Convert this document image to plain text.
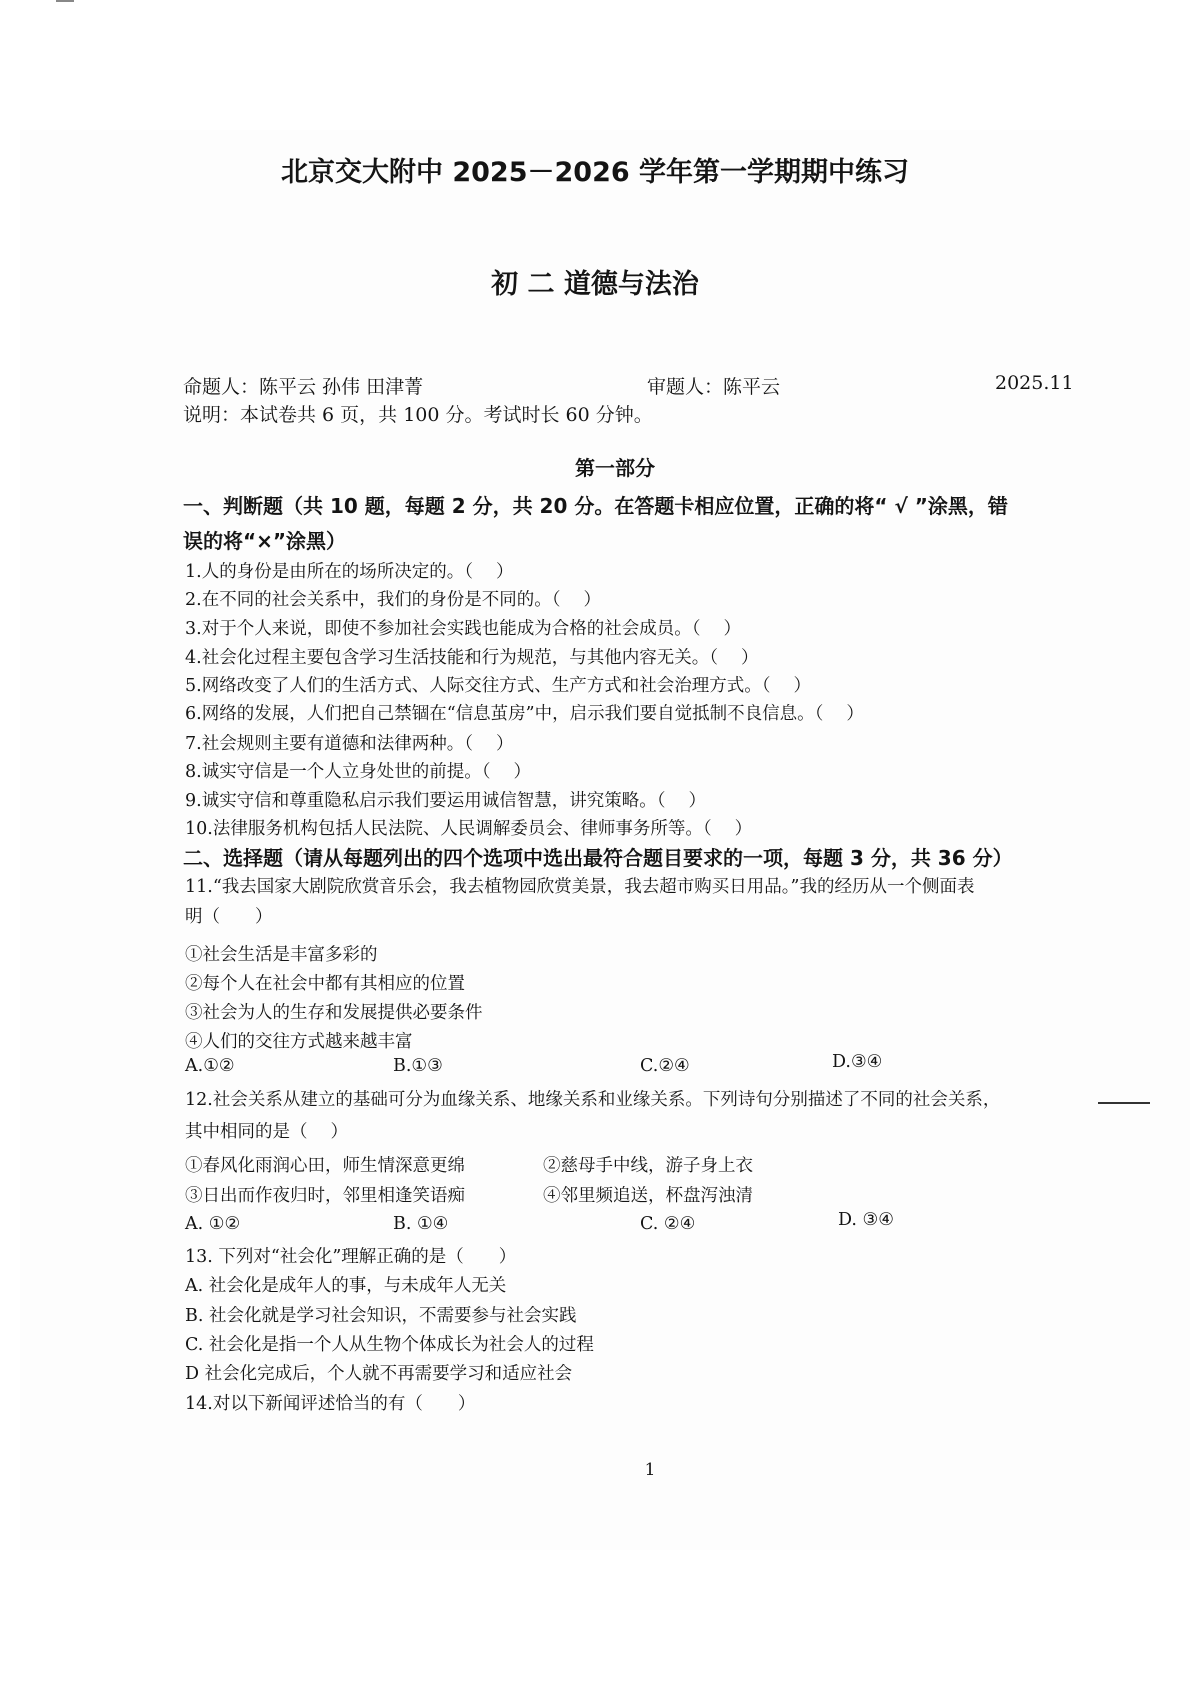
北京交大附中 2025－2026 学年第一学期期中练习
初 二 道德与法治
命题人：陈平云 孙伟 田津菁	审题人：陈平云	2025.11
说明：本试卷共 6 页，共 100 分。考试时长 60 分钟。
第一部分
一、判断题（共 10 题，每题 2 分，共 20 分。在答题卡相应位置，正确的将“ √ ”涂黑，错
误的将“×”涂黑）
1.人的身份是由所在的场所决定的。（　 ）
2.在不同的社会关系中，我们的身份是不同的。（　 ）
3.对于个人来说，即使不参加社会实践也能成为合格的社会成员。（　 ）
4.社会化过程主要包含学习生活技能和行为规范，与其他内容无关。（　 ）
5.网络改变了人们的生活方式、人际交往方式、生产方式和社会治理方式。（　 ）
6.网络的发展，人们把自己禁锢在“信息茧房”中，启示我们要自觉抵制不良信息。（　 ）
7.社会规则主要有道德和法律两种。（　 ）
8.诚实守信是一个人立身处世的前提。（　 ）
9.诚实守信和尊重隐私启示我们要运用诚信智慧，讲究策略。（　 ）
10.法律服务机构包括人民法院、人民调解委员会、律师事务所等。（　 ）
二、选择题（请从每题列出的四个选项中选出最符合题目要求的一项，每题 3 分，共 36 分）
11.“我去国家大剧院欣赏音乐会，我去植物园欣赏美景，我去超市购买日用品。”我的经历从一个侧面表
明（　　）
①社会生活是丰富多彩的
②每个人在社会中都有其相应的位置
③社会为人的生存和发展提供必要条件
④人们的交往方式越来越丰富
A.①②	B.①③	C.②④	D.③④
12.社会关系从建立的基础可分为血缘关系、地缘关系和业缘关系。下列诗句分别描述了不同的社会关系，
其中相同的是（　 ）
①春风化雨润心田，师生情深意更绵	②慈母手中线，游子身上衣
③日出而作夜归时，邻里相逢笑语痴	④邻里频追送，杯盘泻浊清
A. ①②	B. ①④	C. ②④	D. ③④
13. 下列对“社会化”理解正确的是（　　）
A. 社会化是成年人的事，与未成年人无关
B. 社会化就是学习社会知识，不需要参与社会实践
C. 社会化是指一个人从生物个体成长为社会人的过程
D 社会化完成后，个人就不再需要学习和适应社会
14.对以下新闻评述恰当的有（　　）
1
